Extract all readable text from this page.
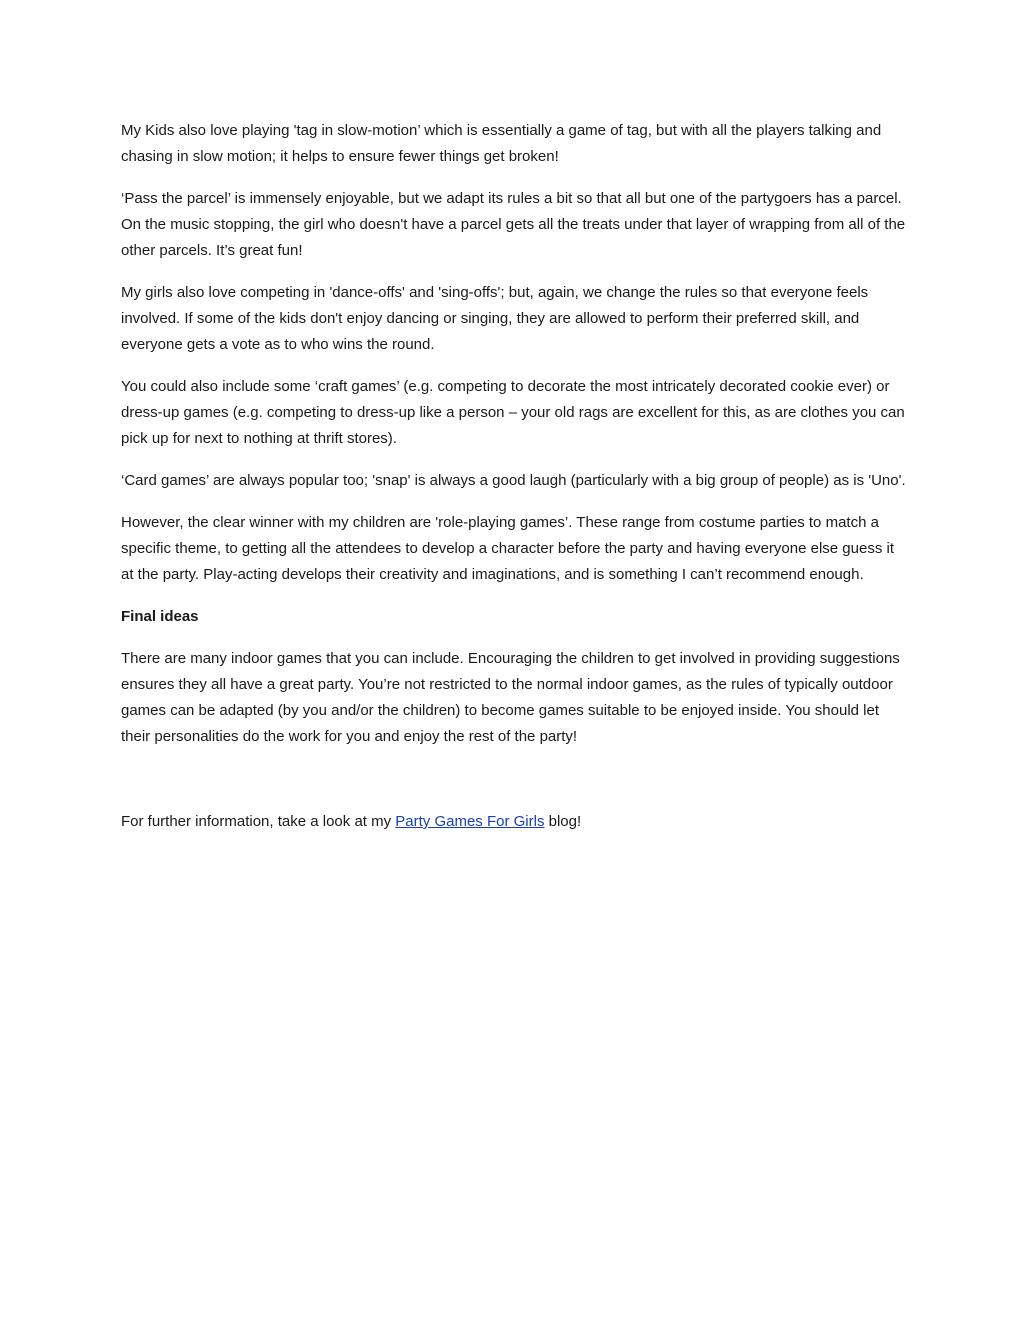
My Kids also love playing 'tag in slow-motion’ which is essentially a game of tag, but with all the players talking and chasing in slow motion; it helps to ensure fewer things get broken!

‘Pass the parcel’ is immensely enjoyable, but we adapt its rules a bit so that all but one of the partygoers has a parcel. On the music stopping, the girl who doesn't have a parcel gets all the treats under that layer of wrapping from all of the other parcels. It’s great fun!

My girls also love competing in 'dance-offs' and 'sing-offs'; but, again, we change the rules so that everyone feels involved. If some of the kids don't enjoy dancing or singing, they are allowed to perform their preferred skill, and everyone gets a vote as to who wins the round.

You could also include some ‘craft games’ (e.g. competing to decorate the most intricately decorated cookie ever) or dress-up games (e.g. competing to dress-up like a person – your old rags are excellent for this, as are clothes you can pick up for next to nothing at thrift stores).

‘Card games’ are always popular too; 'snap' is always a good laugh (particularly with a big group of people) as is 'Uno'.

However, the clear winner with my children are 'role-playing games’. These range from costume parties to match a specific theme, to getting all the attendees to develop a character before the party and having everyone else guess it at the party. Play-acting develops their creativity and imaginations, and is something I can’t recommend enough.

Final ideas

There are many indoor games that you can include. Encouraging the children to get involved in providing suggestions ensures they all have a great party. You’re not restricted to the normal indoor games, as the rules of typically outdoor games can be adapted (by you and/or the children) to become games suitable to be enjoyed inside. You should let their personalities do the work for you and enjoy the rest of the party!

For further information, take a look at my Party Games For Girls blog!
